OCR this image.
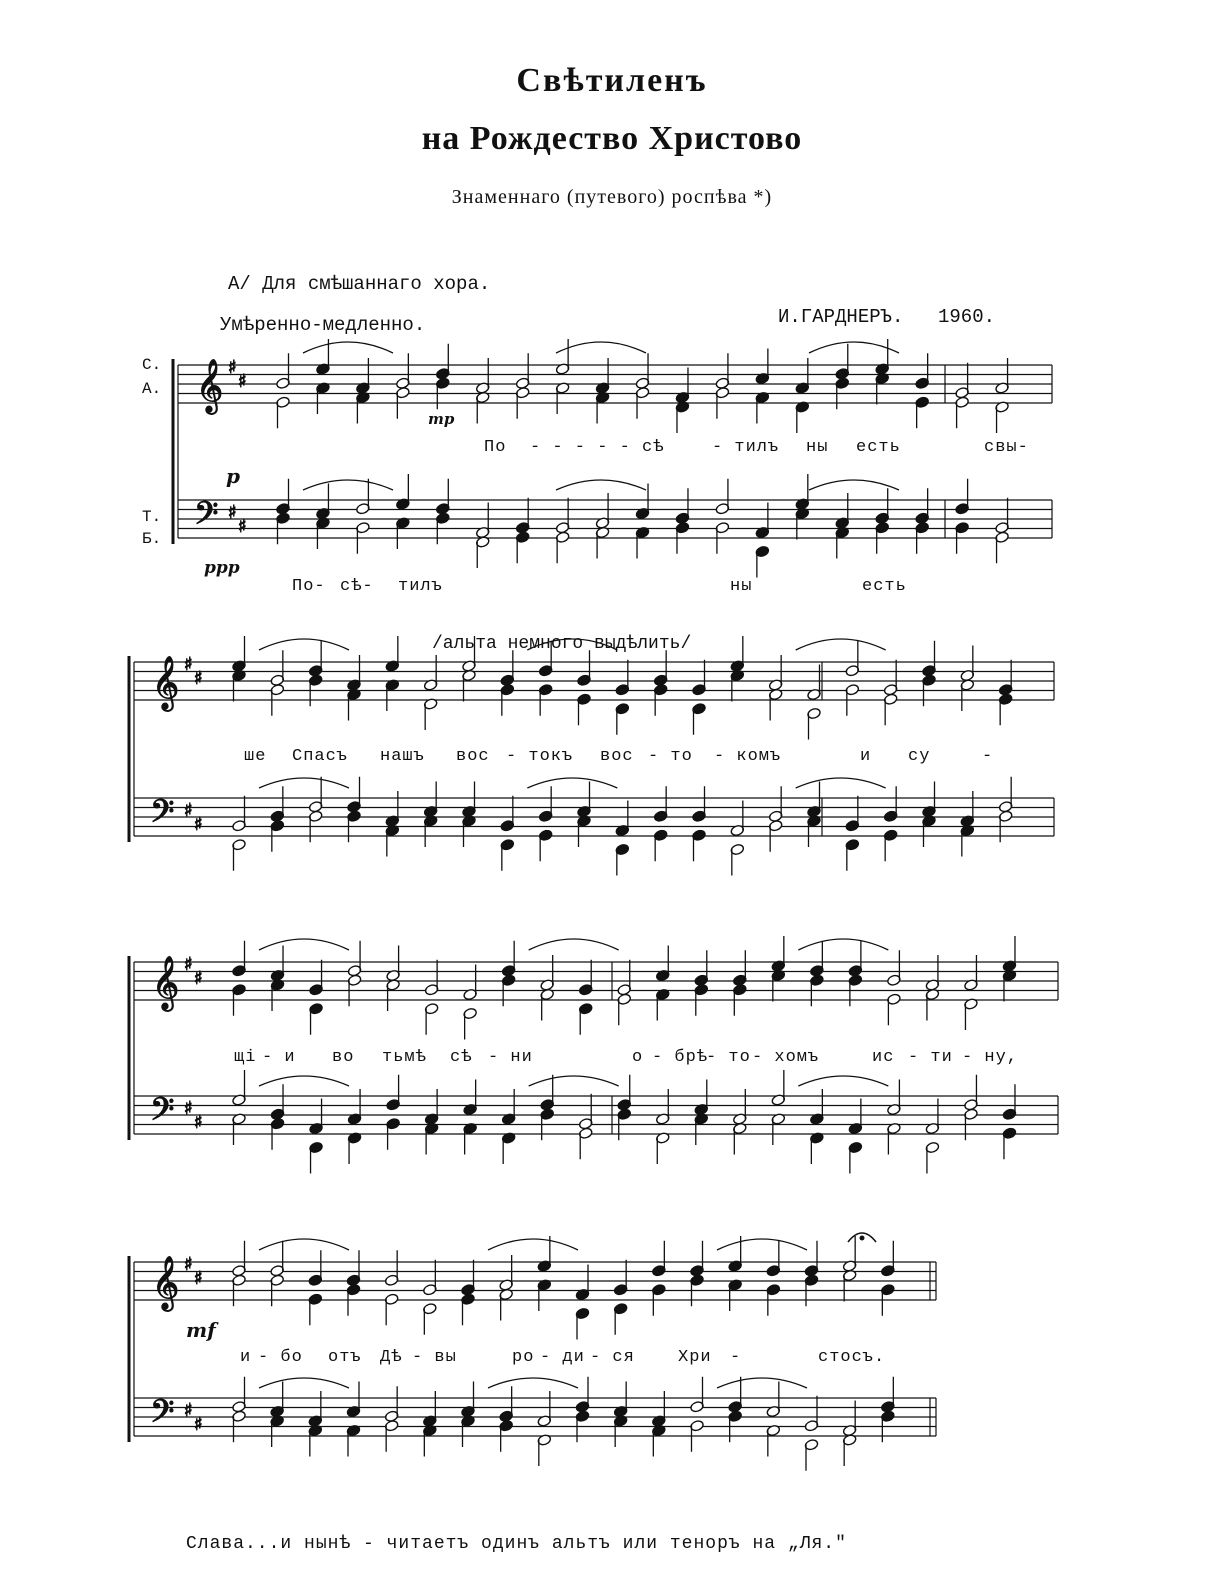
Свѣтиленъ
на Рождество Христово
Знаменнаго (путевого) роспѣва *)
А/ Для смѣшаннаго хора.
Умѣренно-медленно.	И.ГАРДНЕРЪ. 1960.
/альта немного выдѣлить/
С.
А.
Т.
Б.
mp
p
ppp
mf
По - - - - - сѣ	- тилъ ны есть	свы-
По- сѣ- тилъ	ны	есть
ше Спасъ нашъ вос - токъ вос - то - комъ	и су	-
щі - и во тьмѣ сѣ - ни	о - брѣ
- то - хомъ	ис - ти - ну,
и - бо отъ Дѣ - вы	ро - ди - ся	Хри -	стосъ.
Слава...и нынѣ - читаетъ одинъ альтъ или теноръ на „Ля."
𝄞
𝄢
♯
♯
♯
♯
𝄞
𝄢
♯
♯
♯
♯
𝄞
𝄢
♯
♯
♯
♯
𝄞
𝄢
♯
♯
♯
♯
